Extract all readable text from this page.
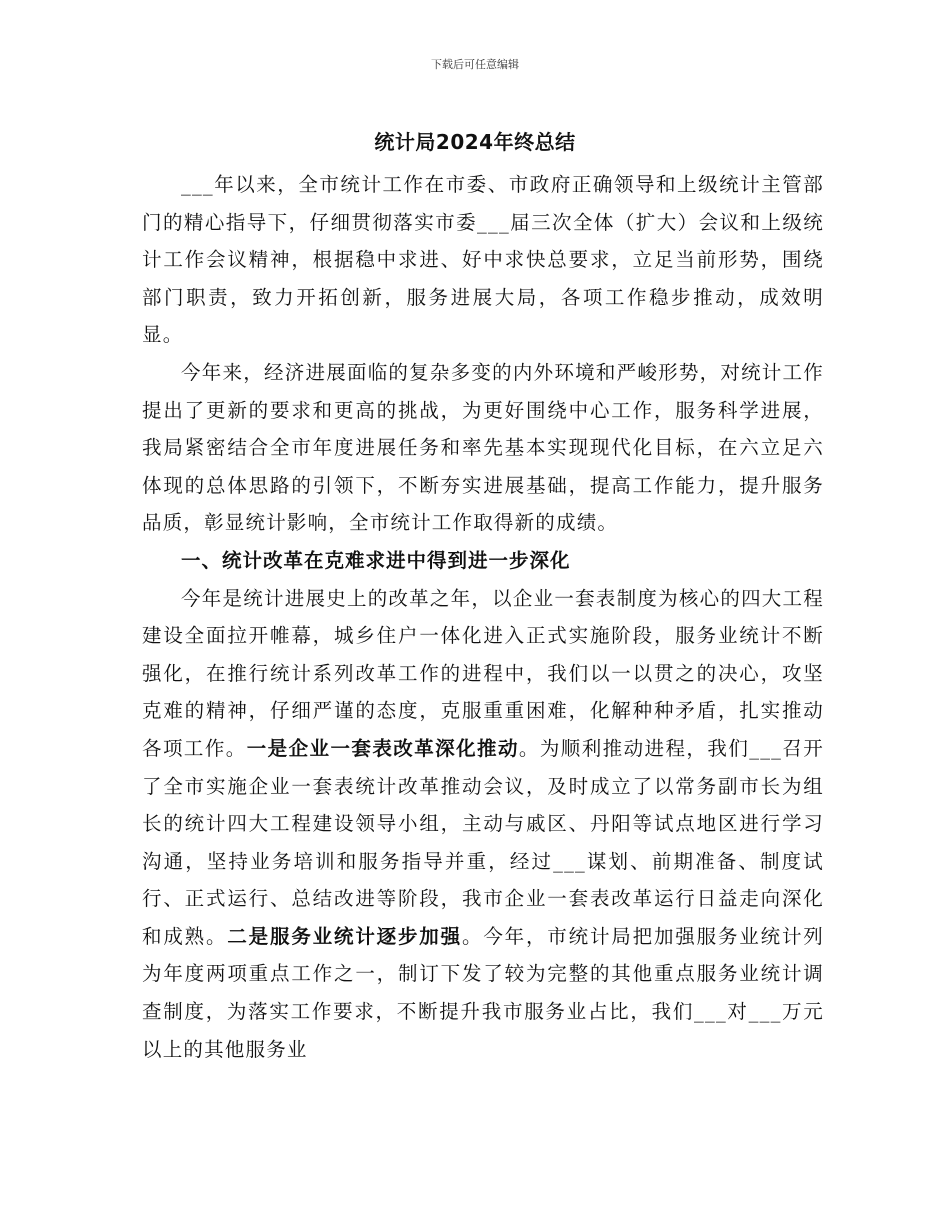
下载后可任意编辑
统计局2024年终总结

___年以来，全市统计工作在市委、市政府正确领导和上级统计主管部门的精心指导下，仔细贯彻落实市委___届三次全体（扩大）会议和上级统计工作会议精神，根据稳中求进、好中求快总要求，立足当前形势，围绕部门职责，致力开拓创新，服务进展大局，各项工作稳步推动，成效明显。

今年来，经济进展面临的复杂多变的内外环境和严峻形势，对统计工作提出了更新的要求和更高的挑战，为更好围绕中心工作，服务科学进展，我局紧密结合全市年度进展任务和率先基本实现现代化目标，在六立足六体现的总体思路的引领下，不断夯实进展基础，提高工作能力，提升服务品质，彰显统计影响，全市统计工作取得新的成绩。

一、统计改革在克难求进中得到进一步深化

今年是统计进展史上的改革之年，以企业一套表制度为核心的四大工程建设全面拉开帷幕，城乡住户一体化进入正式实施阶段，服务业统计不断强化，在推行统计系列改革工作的进程中，我们以一以贯之的决心，攻坚克难的精神，仔细严谨的态度，克服重重困难，化解种种矛盾，扎实推动各项工作。一是企业一套表改革深化推动。为顺利推动进程，我们___召开了全市实施企业一套表统计改革推动会议，及时成立了以常务副市长为组长的统计四大工程建设领导小组，主动与戚区、丹阳等试点地区进行学习沟通，坚持业务培训和服务指导并重，经过___谋划、前期准备、制度试行、正式运行、总结改进等阶段，我市企业一套表改革运行日益走向深化和成熟。二是服务业统计逐步加强。今年，市统计局把加强服务业统计列为年度两项重点工作之一，制订下发了较为完整的其他重点服务业统计调查制度，为落实工作要求，不断提升我市服务业占比，我们___对___万元以上的其他服务业
